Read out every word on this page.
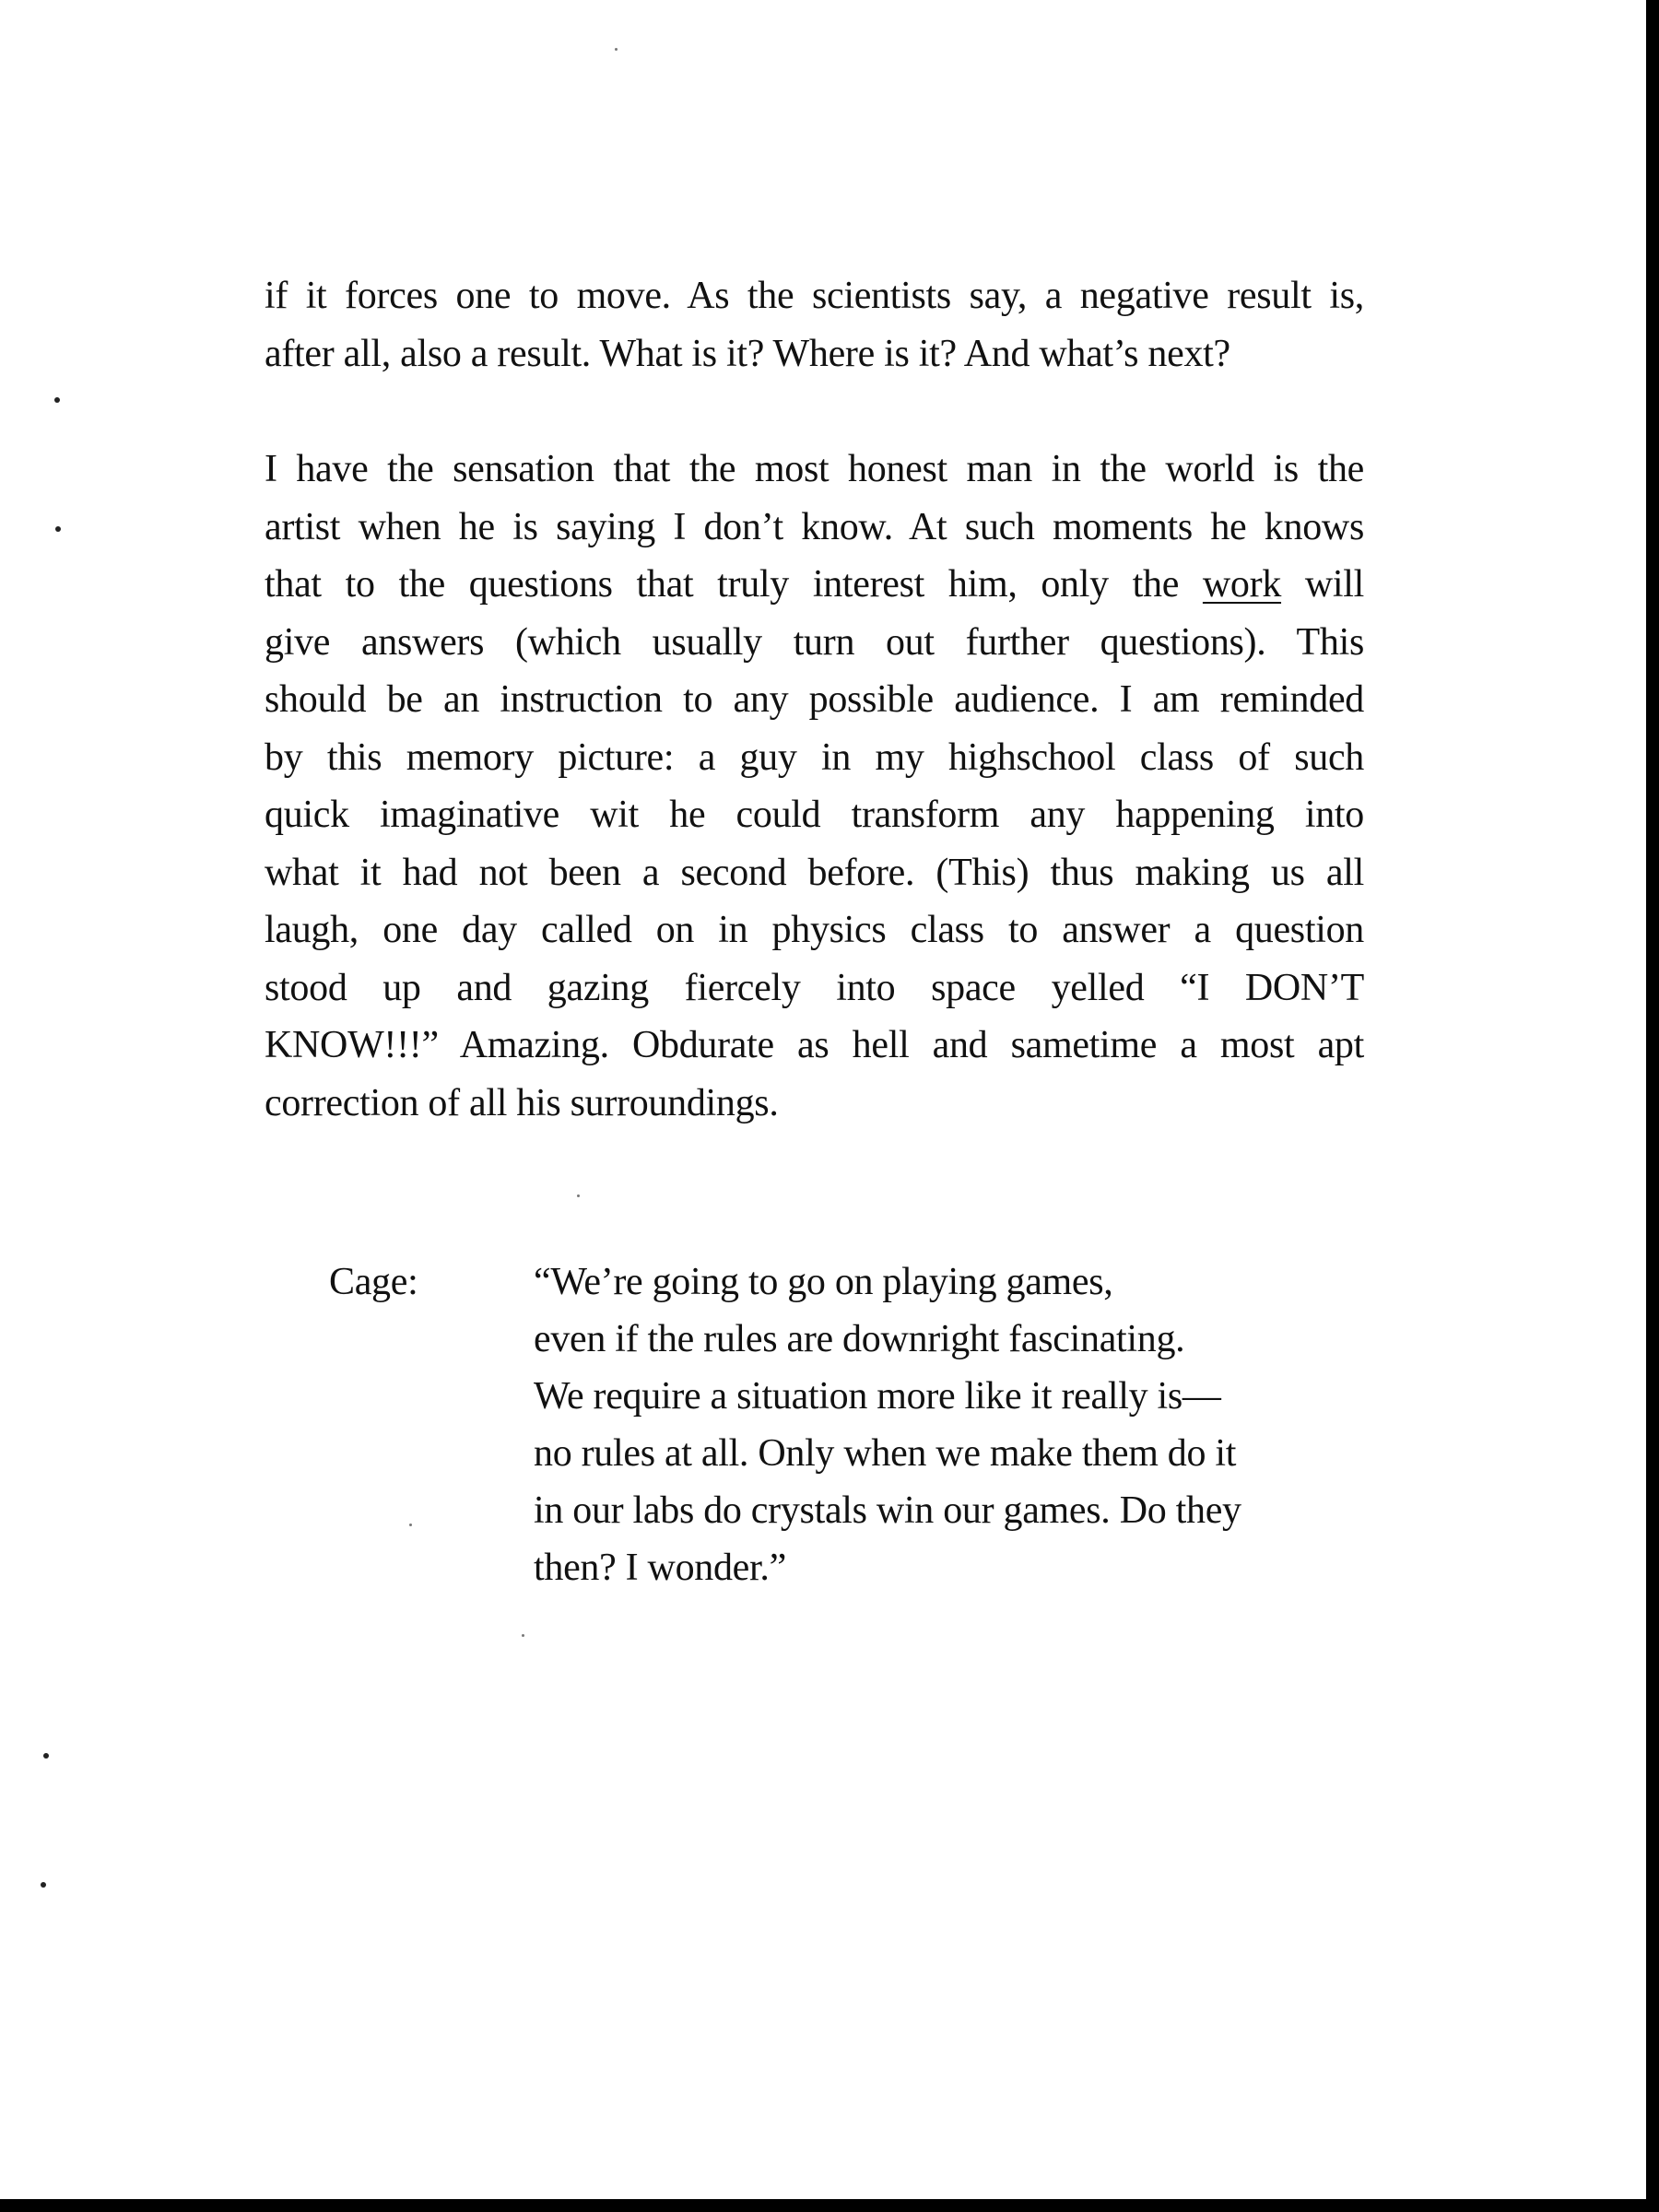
if it forces one to move. As the scientists say, a negative result is,
after all, also a result. What is it? Where is it? And what’s next?
I have the sensation that the most honest man in the world is the
artist when he is saying I don’t know. At such moments he knows
that to the questions that truly interest him, only the work will
give answers (which usually turn out further questions). This
should be an instruction to any possible audience. I am reminded
by this memory picture: a guy in my highschool class of such
quick imaginative wit he could transform any happening into
what it had not been a second before. (This) thus making us all
laugh, one day called on in physics class to answer a question
stood up and gazing fiercely into space yelled “I DON’T
KNOW!!!” Amazing. Obdurate as hell and sametime a most apt
correction of all his surroundings.
Cage:	“We’re going to go on playing games,
even if the rules are downright fascinating.
We require a situation more like it really is—
no rules at all. Only when we make them do it
in our labs do crystals win our games. Do they
then? I wonder.”
